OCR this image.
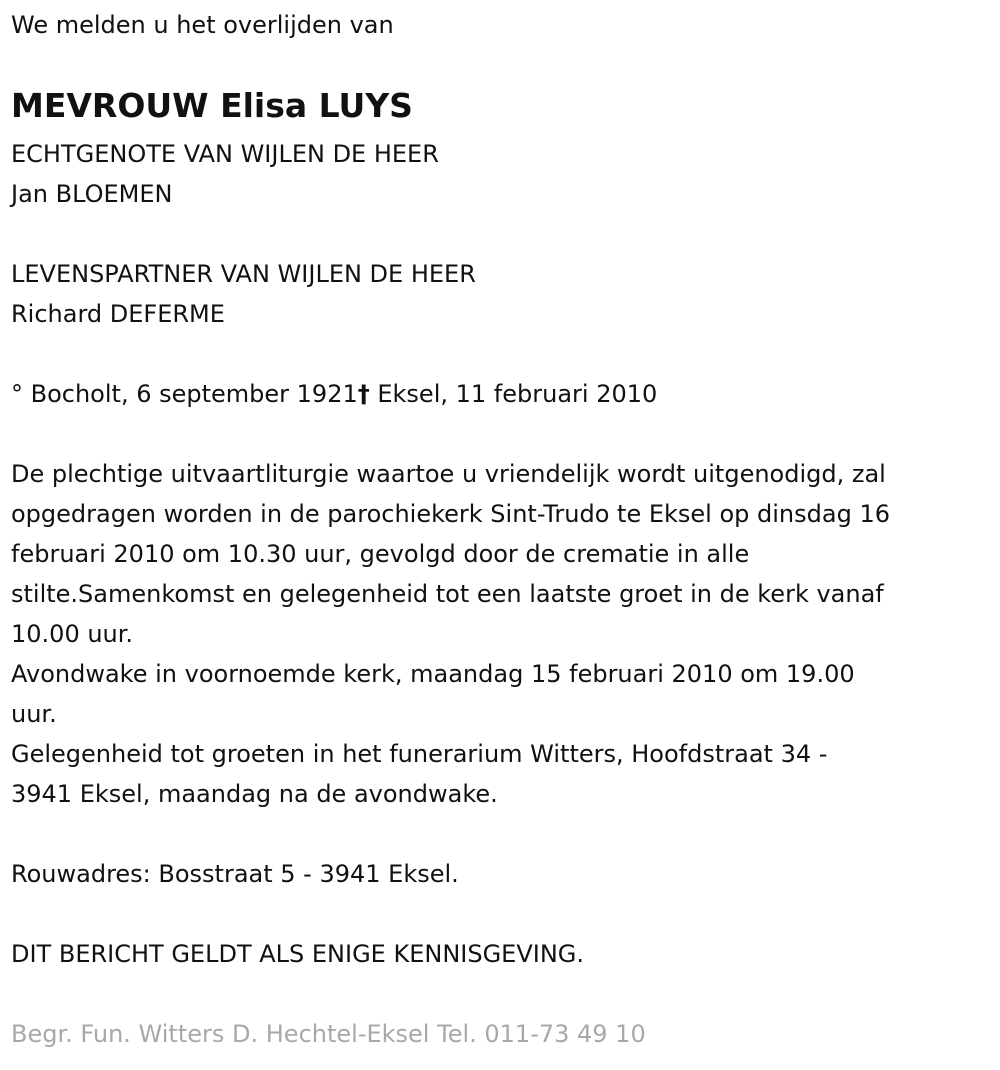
We melden u het overlijden van

MEVROUW Elisa LUYS

ECHTGENOTE VAN WIJLEN DE HEER

Jan BLOEMEN

LEVENSPARTNER VAN WIJLEN DE HEER

Richard DEFERME

° Bocholt, 6 september 1921† Eksel, 11 februari 2010

De plechtige uitvaartliturgie waartoe u vriendelijk wordt uitgenodigd, zal

opgedragen worden in de parochiekerk Sint-Trudo te Eksel op dinsdag 16

februari 2010 om 10.30 uur, gevolgd door de crematie in alle

stilte.Samenkomst en gelegenheid tot een laatste groet in de kerk vanaf

10.00 uur.

Avondwake in voornoemde kerk, maandag 15 februari 2010 om 19.00

uur.

Gelegenheid tot groeten in het funerarium Witters, Hoofdstraat 34 -

3941 Eksel, maandag na de avondwake.

Rouwadres: Bosstraat 5 - 3941 Eksel.

DIT BERICHT GELDT ALS ENIGE KENNISGEVING.

Begr. Fun. Witters D. Hechtel-Eksel Tel. 011-73 49 10
